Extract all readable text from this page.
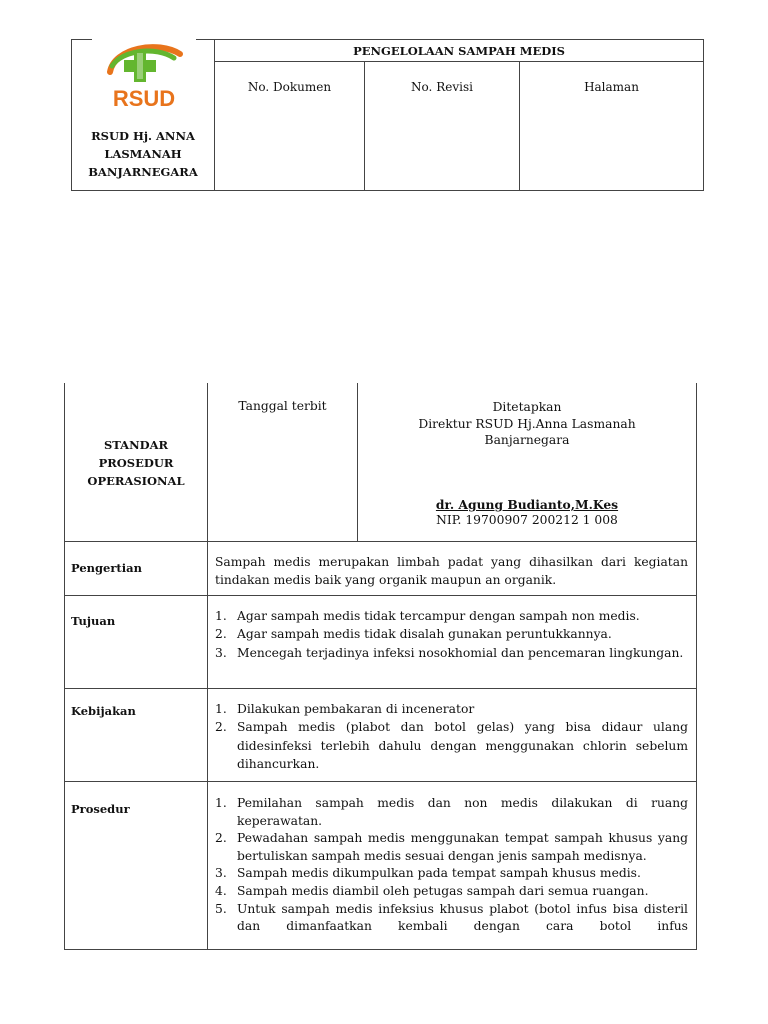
RSUD
RSUD Hj. ANNA
LASMANAH
BANJARNEGARA
PENGELOLAAN SAMPAH MEDIS
No. Dokumen	No. Revisi	Halaman
STANDAR
PROSEDUR
OPERASIONAL
Tanggal terbit	Ditetapkan
Direktur RSUD Hj.Anna Lasmanah
Banjarnegara
dr. Agung Budianto,M.Kes
NIP. 19700907 200212 1 008
Pengertian	Sampah medis merupakan limbah padat yang dihasilkan dari kegiatan tindakan medis baik yang organik maupun an organik.
Tujuan	1. Agar sampah medis tidak tercampur dengan sampah non medis.
2. Agar sampah medis tidak disalah gunakan peruntukkannya.
3. Mencegah terjadinya infeksi nosokhomial dan pencemaran lingkungan.
Kebijakan	1. Dilakukan pembakaran di incenerator
2. Sampah medis (plabot dan botol gelas) yang bisa didaur ulang didesinfeksi terlebih dahulu dengan menggunakan chlorin sebelum dihancurkan.
Prosedur	1. Pemilahan sampah medis dan non medis dilakukan di ruang keperawatan.
2. Pewadahan sampah medis menggunakan tempat sampah khusus yang bertuliskan sampah medis sesuai dengan jenis sampah medisnya.
3. Sampah medis dikumpulkan pada tempat sampah khusus medis.
4. Sampah medis diambil oleh petugas sampah dari semua ruangan.
5. Untuk sampah medis infeksius khusus plabot (botol infus bisa disteril dan dimanfaatkan kembali dengan cara botol infus
